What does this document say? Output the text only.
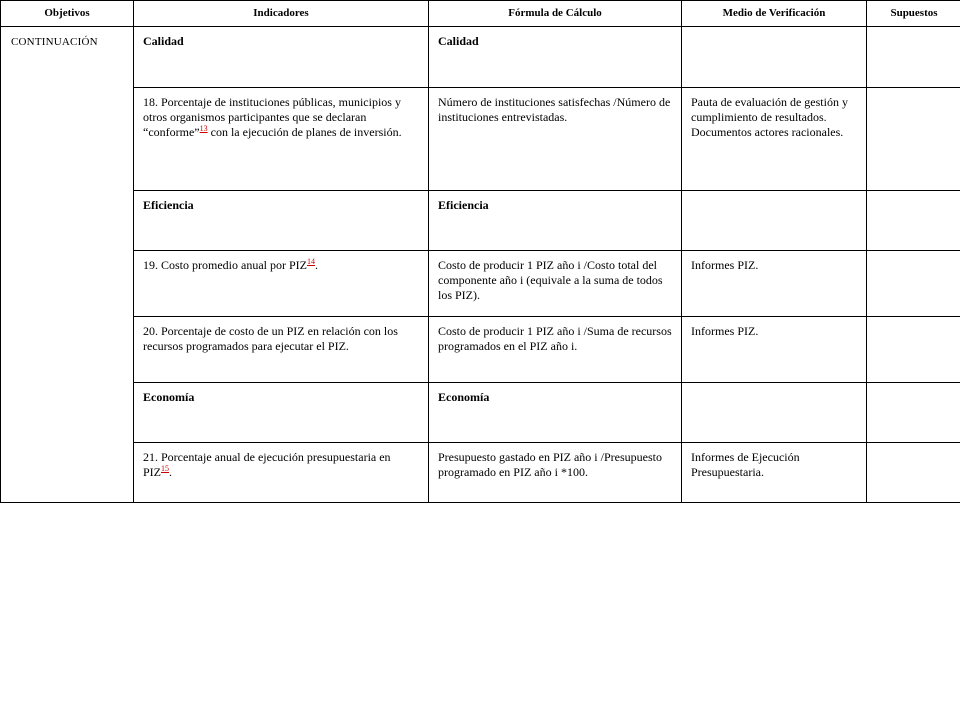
Objetivos	Indicadores	Fórmula de Cálculo	Medio de Verificación	Supuestos

CONTINUACIÓN	Calidad	Calidad		

	18. Porcentaje de instituciones públicas, municipios y otros organismos participantes que se declaran “conforme”$^{13}$ con la ejecución de planes de inversión.	Número de instituciones satisfechas /Número de instituciones entrevistadas.	Pauta de evaluación de gestión y cumplimiento de resultados. Documentos actores racionales.	

	Eficiencia	Eficiencia		

	19. Costo promedio anual por PIZ$^{14}$.	Costo de producir 1 PIZ año i /Costo total del componente año i (equivale a la suma de todos los PIZ).	Informes PIZ.	

	20. Porcentaje de costo de un PIZ en relación con los recursos programados para ejecutar el PIZ.	Costo de producir 1 PIZ año i /Suma de recursos programados en el PIZ año i.	Informes PIZ.	

	Economía	Economía		

	21. Porcentaje anual de ejecución presupuestaria en PIZ$^{15}$.	Presupuesto gastado en PIZ año i /Presupuesto programado en PIZ año i *100.	Informes de Ejecución Presupuestaria.	
